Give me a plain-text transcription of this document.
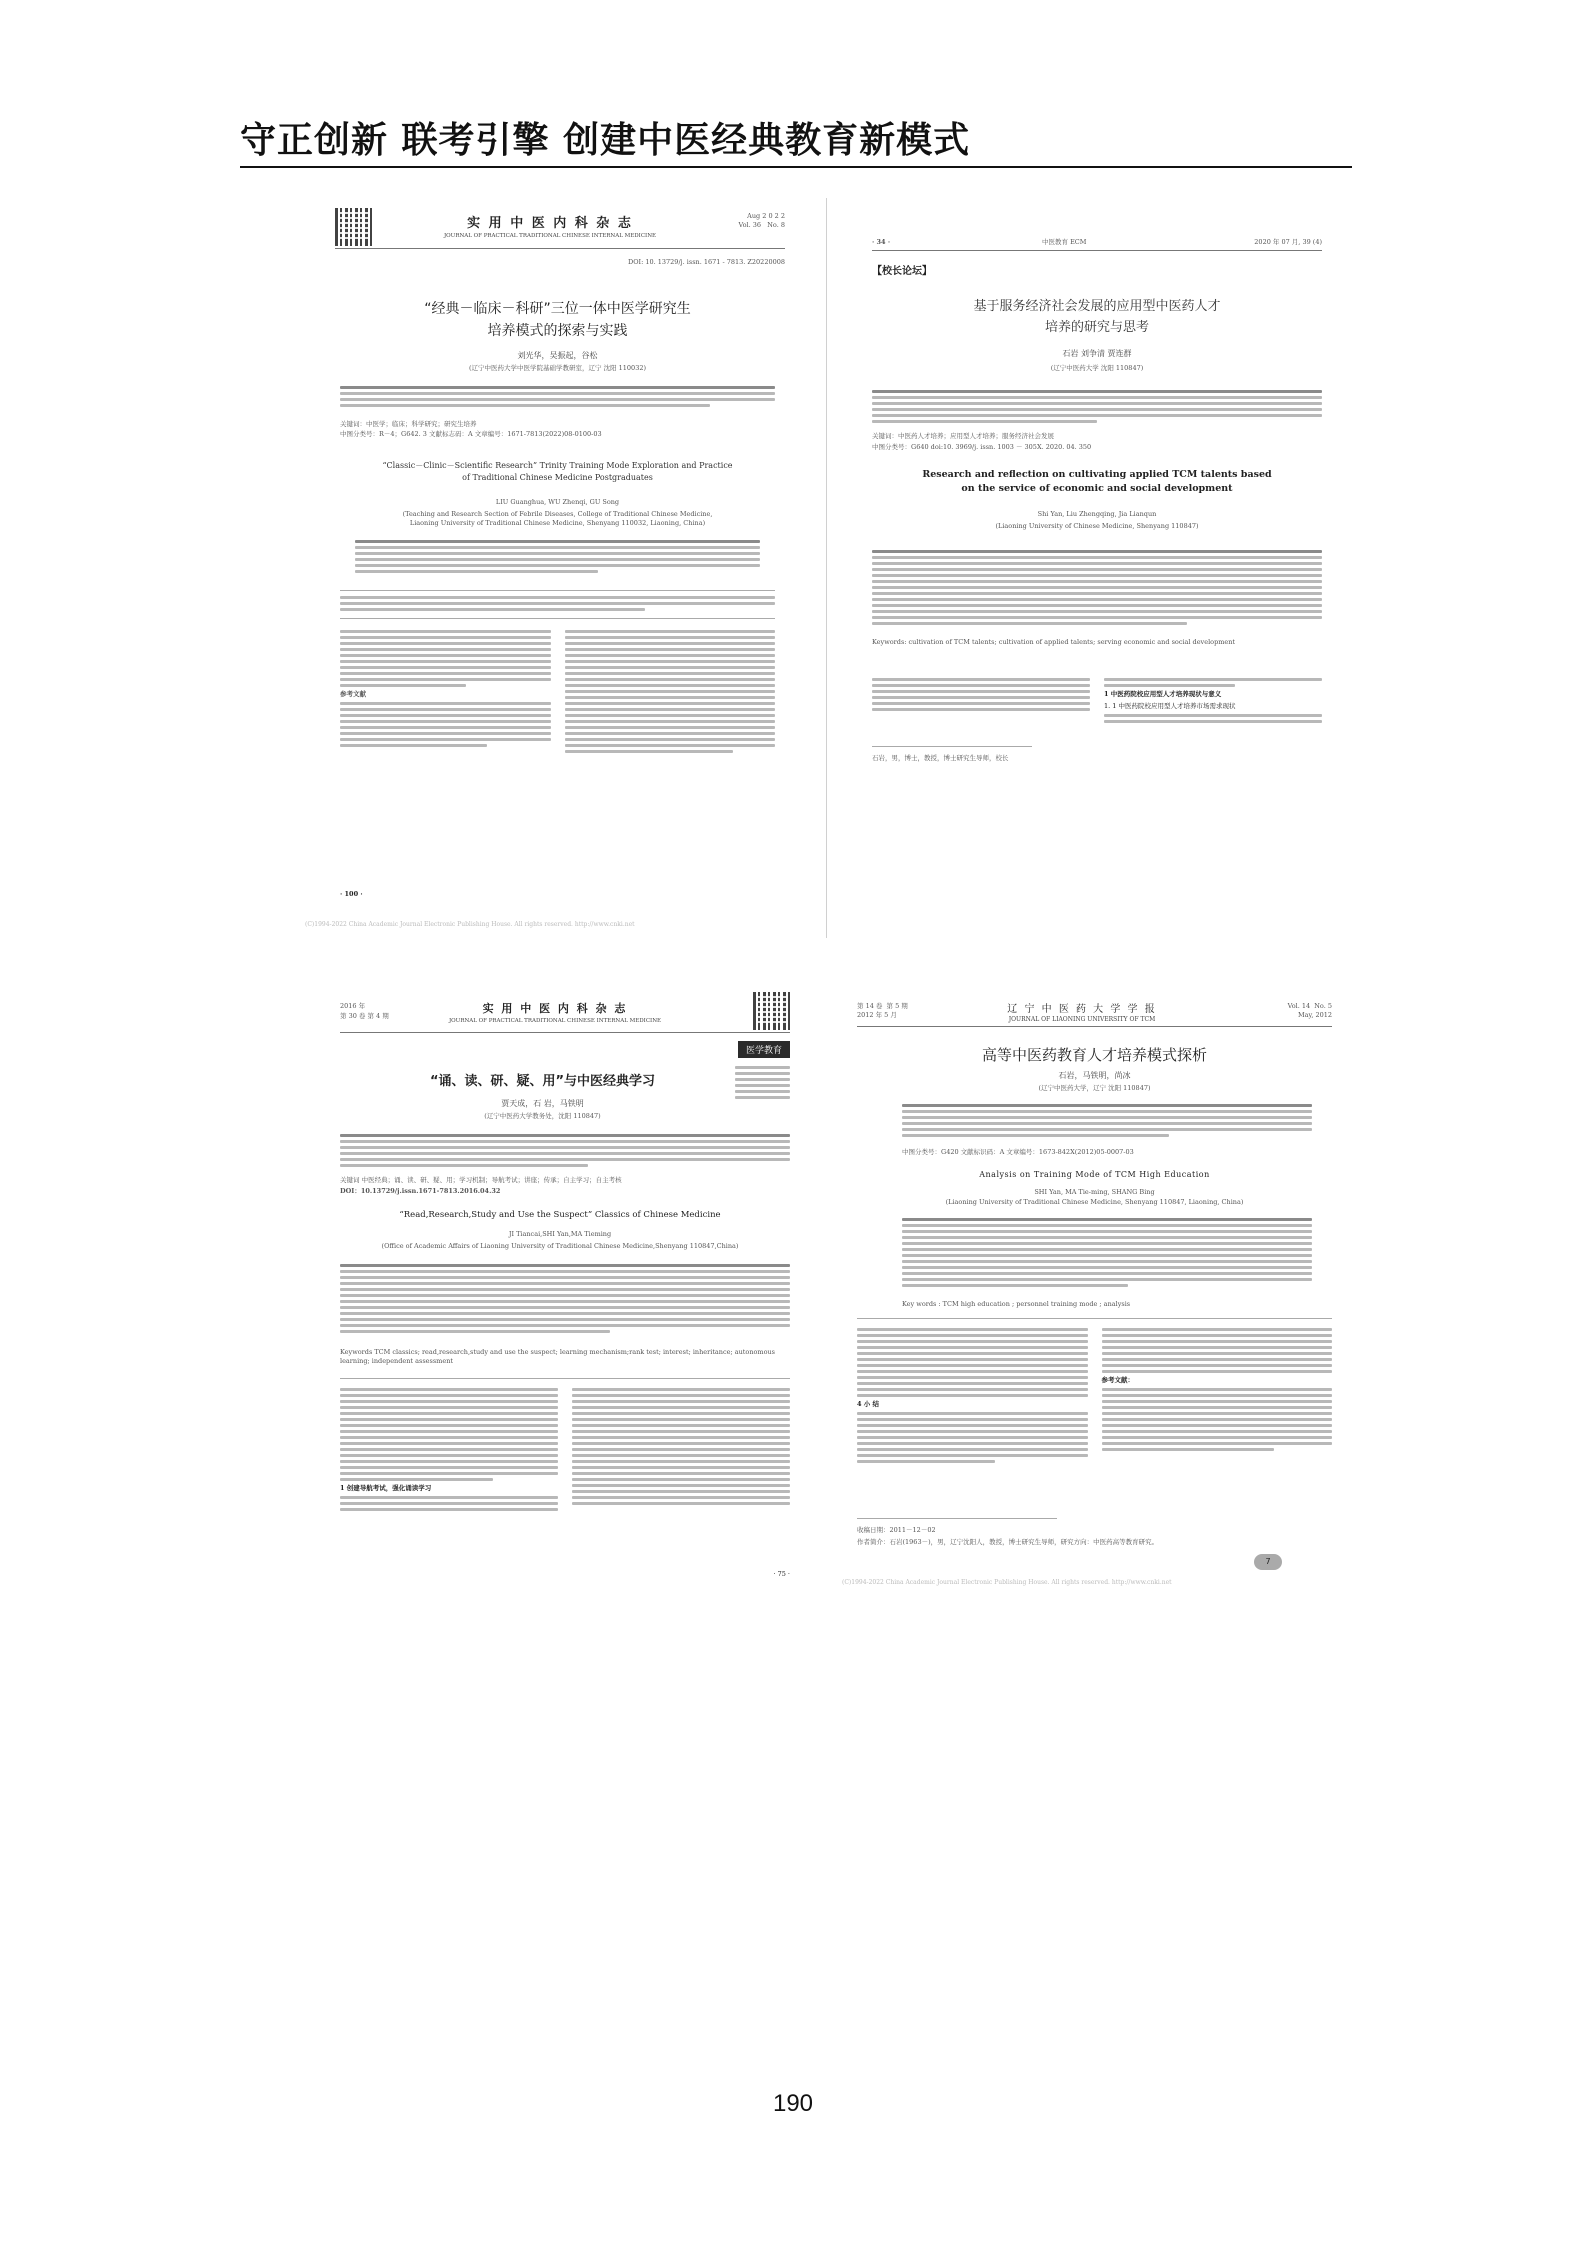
守正创新 联考引擎 创建中医经典教育新模式
实 用 中 医 内 科 杂 志
JOURNAL OF PRACTICAL TRADITIONAL CHINESE INTERNAL MEDICINE
Aug 2 0 2 2
Vol. 36   No. 8
DOI: 10. 13729/j. issn. 1671 - 7813. Z20220008
“经典－临床－科研”三位一体中医学研究生
培养模式的探索与实践
刘光华，吴振起，谷松
(辽宁中医药大学中医学院基础学教研室，辽宁 沈阳 110032)
关键词：中医学；临床；科学研究；研究生培养
中图分类号：R－4；G642. 3 文献标志码：A 文章编号：1671-7813(2022)08-0100-03
“Classic－Clinic－Scientific Research” Trinity Training Mode Exploration and Practice
of Traditional Chinese Medicine Postgraduates
LIU Guanghua, WU Zhenqi, GU Song
(Teaching and Research Section of Febrile Diseases, College of Traditional Chinese Medicine,
Liaoning University of Traditional Chinese Medicine, Shenyang 110032, Liaoning, China)
参考文献
· 100 ·
(C)1994-2022 China Academic Journal Electronic Publishing House. All rights reserved. http://www.cnki.net
· 34 ·	中医教育 ECM	2020 年 07 月, 39 (4)
【校长论坛】
基于服务经济社会发展的应用型中医药人才
培养的研究与思考
石岩 刘争清 贾连群
(辽宁中医药大学 沈阳 110847)
关键词：中医药人才培养；应用型人才培养；服务经济社会发展
中图分类号：G640 doi:10. 3969/j. issn. 1003 － 305X. 2020. 04. 350
Research and reflection on cultivating applied TCM talents based
on the service of economic and social development
Shi Yan, Liu Zhengqing, Jia Lianqun
(Liaoning University of Chinese Medicine, Shenyang 110847)
Keywords: cultivation of TCM talents; cultivation of applied talents; serving economic and social development
1 中医药院校应用型人才培养现状与意义
1. 1 中医药院校应用型人才培养市场需求现状
石岩，男，博士，教授，博士研究生导师，校长
2016 年
第 30 卷 第 4 期
实 用 中 医 内 科 杂 志
JOURNAL OF PRACTICAL TRADITIONAL CHINESE INTERNAL MEDICINE
医学教育
“诵、读、研、疑、用”与中医经典学习
贾天成，石 岩，马铁明
(辽宁中医药大学教务处，沈阳 110847)
关键词 中医经典；诵、读、研、疑、用；学习机制；导航考试；讲座；传承；自主学习；自主考核
DOI：10.13729/j.issn.1671-7813.2016.04.32
“Read,Research,Study and Use the Suspect” Classics of Chinese Medicine
JI Tiancai,SHI Yan,MA Tieming
(Office of Academic Affairs of Liaoning University of Traditional Chinese Medicine,Shenyang 110847,China)
Keywords TCM classics; read,research,study and use the suspect; learning mechanism;rank test; interest; inheritance; autonomous learning; independent assessment
1 创建导航考试，强化诵读学习
· 75 ·
第 14 卷  第 5 期
2012 年 5 月	辽 宁 中 医 药 大 学 学 报
JOURNAL OF LIAONING UNIVERSITY OF TCM
Vol. 14  No. 5
May, 2012
高等中医药教育人才培养模式探析
石岩，马铁明，尚冰
(辽宁中医药大学，辽宁 沈阳 110847)
中图分类号：G420 文献标识码：A 文章编号：1673-842X(2012)05-0007-03
Analysis on Training Mode of TCM High Education
SHI Yan, MA Tie-ming, SHANG Bing
(Liaoning University of Traditional Chinese Medicine, Shenyang 110847, Liaoning, China)
Key words : TCM high education ; personnel training mode ; analysis
4 小 结
参考文献：
收稿日期：2011－12－02
作者简介：石岩(1963－)，男，辽宁沈阳人，教授，博士研究生导师，研究方向：中医药高等教育研究。
7
(C)1994-2022 China Academic Journal Electronic Publishing House. All rights reserved. http://www.cnki.net
190
